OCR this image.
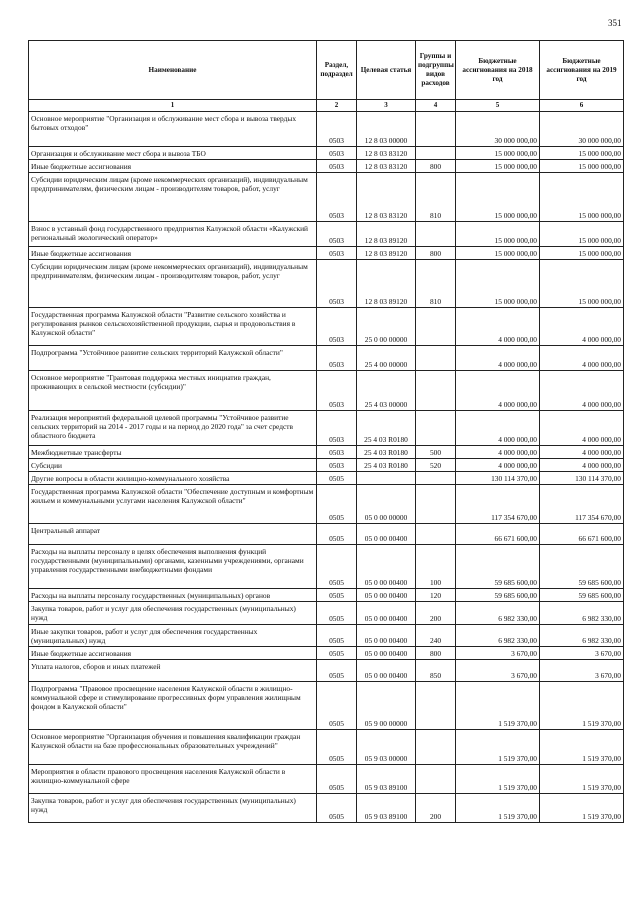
351
Наименование	Раздел, подраздел	Целевая статья	Группы и подгруппы видов расходов	Бюджетные ассигнования на 2018 год	Бюджетные ассигнования на 2019 год
1	2	3	4	5	6
Основное мероприятие "Организация и обслуживание мест сбора и вывоза твердых бытовых отходов"	0503	12 8 03 00000		30 000 000,00	30 000 000,00
Организация и обслуживание мест сбора и вывоза ТБО	0503	12 8 03 83120		15 000 000,00	15 000 000,00
Иные бюджетные ассигнования	0503	12 8 03 83120	800	15 000 000,00	15 000 000,00
Субсидии юридическим лицам (кроме некоммерческих организаций), индивидуальным предпринимателям, физическим лицам - производителям товаров, работ, услуг	0503	12 8 03 83120	810	15 000 000,00	15 000 000,00
Взнос в уставный фонд государственного предприятия Калужской области «Калужский региональный экологический оператор»	0503	12 8 03 89120		15 000 000,00	15 000 000,00
Иные бюджетные ассигнования	0503	12 8 03 89120	800	15 000 000,00	15 000 000,00
Субсидии юридическим лицам (кроме некоммерческих организаций), индивидуальным предпринимателям, физическим лицам - производителям товаров, работ, услуг	0503	12 8 03 89120	810	15 000 000,00	15 000 000,00
Государственная программа Калужской области "Развитие сельского хозяйства и регулирования рынков сельскохозяйственной продукции, сырья и продовольствия в Калужской области"	0503	25 0 00 00000		4 000 000,00	4 000 000,00
Подпрограмма "Устойчивое развитие сельских территорий Калужской области"	0503	25 4 00 00000		4 000 000,00	4 000 000,00
Основное мероприятие "Грантовая поддержка местных инициатив граждан, проживающих в сельской местности (субсидии)"	0503	25 4 03 00000		4 000 000,00	4 000 000,00
Реализация мероприятий федеральной целевой программы "Устойчивое развитие сельских территорий на 2014 - 2017 годы и на период до 2020 года" за счет средств областного бюджета	0503	25 4 03 R0180		4 000 000,00	4 000 000,00
Межбюджетные трансферты	0503	25 4 03 R0180	500	4 000 000,00	4 000 000,00
Субсидии	0503	25 4 03 R0180	520	4 000 000,00	4 000 000,00
Другие вопросы в области жилищно-коммунального хозяйства	0505			130 114 370,00	130 114 370,00
Государственная программа Калужской области "Обеспечение доступным и комфортным жильем и коммунальными услугами населения Калужской области"	0505	05 0 00 00000		117 354 670,00	117 354 670,00
Центральный аппарат	0505	05 0 00 00400		66 671 600,00	66 671 600,00
Расходы на выплаты персоналу в целях обеспечения выполнения функций государственными (муниципальными) органами, казенными учреждениями, органами управления государственными внебюджетными фондами	0505	05 0 00 00400	100	59 685 600,00	59 685 600,00
Расходы на выплаты персоналу государственных (муниципальных) органов	0505	05 0 00 00400	120	59 685 600,00	59 685 600,00
Закупка товаров, работ и услуг для обеспечения государственных (муниципальных) нужд	0505	05 0 00 00400	200	6 982 330,00	6 982 330,00
Иные закупки товаров, работ и услуг для обеспечения государственных (муниципальных) нужд	0505	05 0 00 00400	240	6 982 330,00	6 982 330,00
Иные бюджетные ассигнования	0505	05 0 00 00400	800	3 670,00	3 670,00
Уплата налогов, сборов и иных платежей	0505	05 0 00 00400	850	3 670,00	3 670,00
Подпрограмма "Правовое просвещение населения Калужской области в жилищно-коммунальной сфере и стимулирование прогрессивных форм управления жилищным фондом в Калужской области"	0505	05 9 00 00000		1 519 370,00	1 519 370,00
Основное мероприятие "Организация обучения и повышения квалификации граждан Калужской области на базе профессиональных образовательных учреждений"	0505	05 9 03 00000		1 519 370,00	1 519 370,00
Мероприятия в области правового просвещения населения Калужской области в жилищно-коммунальной сфере	0505	05 9 03 89100		1 519 370,00	1 519 370,00
Закупка товаров, работ и услуг для обеспечения государственных (муниципальных) нужд	0505	05 9 03 89100	200	1 519 370,00	1 519 370,00
